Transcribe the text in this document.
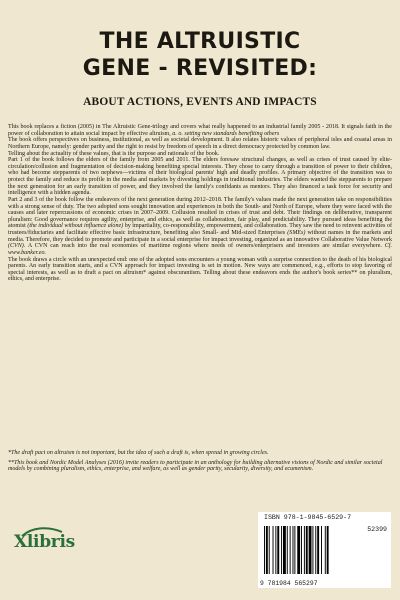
THE ALTRUISTIC
GENE - REVISITED:
ABOUT ACTIONS, EVENTS AND IMPACTS

This book replaces a fiction (2005) in The Altruistic Gene-trilogy and covers what really happened to an industrial family 2005 - 2018. It signals faith in the power of collaboration to attain social impact by effective altruism, a. o. setting new standards benefiting others

The book offers perspectives on business, institutional, as well as societal development. It also relates historic values of peripheral isles and coastal areas in Northern Europe, namely: gender parity and the right to resist by freedom of speech in a direct democracy protected by common law.

Telling about the actuality of these values, that is the purpose and rationale of the book.

Part 1 of the book follows the elders of the family from 2005 and 2011. The elders foresaw structural changes, as well as crises of trust caused by elite-circulation/collusion and fragmentation of decision-making benefiting special interests. They chose to carry through a transition of power to their children, who had become stepparents of two nephews—victims of their biological parents' high and deadly profiles. A primary objective of the transition was to protect the family and reduce its profile in the media and markets by divesting holdings in traditional industries. The elders wanted the stepparents to prepare the next generation for an early transition of power, and they involved the family's confidants as mentors. They also financed a task force for security and intelligence with a hidden agenda.

Part 2 and 3 of the book follow the endeavors of the next generation during 2012–2018. The family's values made the next generation take on responsibilities with a strong sense of duty. The two adopted sons sought innovation and experiences in both the South- and North of Europe, where they were faced with the causes and later repercussions of economic crises in 2007–2009. Collusion resulted in crises of trust and debt. Their findings on deliberative, transparent pluralism: Good governance requires agility, enterprise, and ethics, as well as collaboration, fair play, and predictability. They pursued ideas benefiting the atomist (the individual without influence alone) by impartiality, co-responsibility, empowerment, and collaboration. They saw the need to reinvent activities of trustees/fiduciaries and facilitate effective basic infrastructure, benefiting also Small- and Mid-sized Enterprises (SMEs) without names in the markets and media. Therefore, they decided to promote and participate in a social enterprise for impact investing, organized as an innovative Collaborative Value Network (CVN). A CVN can reach into the real economies of maritime regions where needs of owners/enterprisers and investors are similar everywhere. Cf. www.banker.eo.

The book draws a circle with an unexpected end: one of the adopted sons encounters a young woman with a surprise connection to the death of his biological parents. An early transition starts, and a CVN approach for impact investing is set in motion. New ways are commenced, e.g., efforts to stop favoring of special interests, as well as to draft a pact on altruism* against obscurantism. Telling about these endeavors ends the author's book series** on pluralism, ethics, and enterprise.

*The draft pact on altruism is not important, but the idea of such a draft is, when spread in growing circles.

**This book and Nordic Model Analyses (2016) invite readers to participate in an anthology for building alternative visions of Nordic and similar societal models by combining pluralism, ethics, enterprise, and welfare, as well as gender parity, secularity, diversity, and ecumenism.

Xlibris
ISBN 978-1-9845-6529-7
52399
9 781984 565297
